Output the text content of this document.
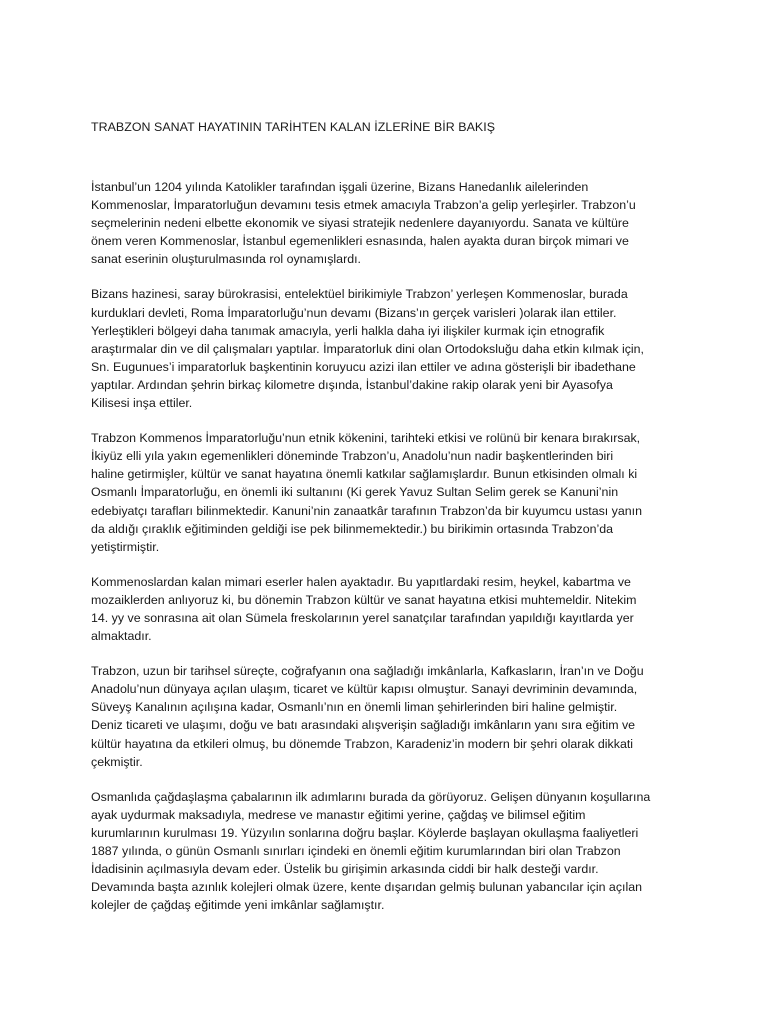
TRABZON SANAT HAYATININ TARİHTEN KALAN İZLERİNE BİR BAKIŞ

İstanbul’un 1204 yılında Katolikler tarafından işgali üzerine, Bizans Hanedanlık ailelerinden
Kommenoslar, İmparatorluğun devamını tesis etmek amacıyla Trabzon’a gelip yerleşirler. Trabzon’u
seçmelerinin nedeni elbette ekonomik ve siyasi stratejik nedenlere dayanıyordu. Sanata ve kültüre
önem veren Kommenoslar, İstanbul egemenlikleri esnasında, halen ayakta duran birçok mimari ve
sanat eserinin oluşturulmasında rol oynamışlardı.

Bizans hazinesi, saray bürokrasisi, entelektüel birikimiyle Trabzon’ yerleşen Kommenoslar, burada
kurduklari devleti, Roma İmparatorluğu’nun devamı (Bizans’ın gerçek varisleri )olarak ilan ettiler.
Yerleştikleri bölgeyi daha tanımak amacıyla, yerli halkla daha iyi ilişkiler kurmak için etnografik
araştırmalar din ve dil çalışmaları yaptılar. İmparatorluk dini olan Ortodoksluğu daha etkin kılmak için,
Sn. Eugunues’i imparatorluk başkentinin koruyucu azizi ilan ettiler ve adına gösterişli bir ibadethane
yaptılar. Ardından şehrin birkaç kilometre dışında, İstanbul’dakine rakip olarak yeni bir Ayasofya
Kilisesi inşa ettiler.

Trabzon Kommenos İmparatorluğu’nun etnik kökenini, tarihteki etkisi ve rolünü bir kenara bırakırsak,
İkiyüz elli yıla yakın egemenlikleri döneminde Trabzon’u, Anadolu’nun nadir başkentlerinden biri
haline getirmişler, kültür ve sanat hayatına önemli katkılar sağlamışlardır. Bunun etkisinden olmalı ki
Osmanlı İmparatorluğu, en önemli iki sultanını (Ki gerek Yavuz Sultan Selim gerek se Kanuni’nin
edebiyatçı tarafları bilinmektedir. Kanuni’nin zanaatkâr tarafının Trabzon’da bir kuyumcu ustası yanın
da aldığı çıraklık eğitiminden geldiği ise pek bilinmemektedir.) bu birikimin ortasında Trabzon’da
yetiştirmiştir.

Kommenoslardan kalan mimari eserler halen ayaktadır. Bu yapıtlardaki resim, heykel, kabartma ve
mozaiklerden anlıyoruz ki, bu dönemin Trabzon kültür ve sanat hayatına etkisi muhtemeldir. Nitekim
14. yy ve sonrasına ait olan Sümela freskolarının yerel sanatçılar tarafından yapıldığı kayıtlarda yer
almaktadır.

Trabzon, uzun bir tarihsel süreçte, coğrafyanın ona sağladığı imkânlarla, Kafkasların, İran’ın ve Doğu
Anadolu’nun dünyaya açılan ulaşım, ticaret ve kültür kapısı olmuştur. Sanayi devriminin devamında,
Süveyş Kanalının açılışına kadar, Osmanlı’nın en önemli liman şehirlerinden biri haline gelmiştir.
Deniz ticareti ve ulaşımı, doğu ve batı arasındaki alışverişin sağladığı imkânların yanı sıra eğitim ve
kültür hayatına da etkileri olmuş, bu dönemde Trabzon, Karadeniz’in modern bir şehri olarak dikkati
çekmiştir.

Osmanlıda çağdaşlaşma çabalarının ilk adımlarını burada da görüyoruz. Gelişen dünyanın koşullarına
ayak uydurmak maksadıyla, medrese ve manastır eğitimi yerine, çağdaş ve bilimsel eğitim
kurumlarının kurulması 19. Yüzyılın sonlarına doğru başlar. Köylerde başlayan okullaşma faaliyetleri
1887 yılında, o günün Osmanlı sınırları içindeki en önemli eğitim kurumlarından biri olan Trabzon
İdadisinin açılmasıyla devam eder. Üstelik bu girişimin arkasında ciddi bir halk desteği vardır.
Devamında başta azınlık kolejleri olmak üzere, kente dışarıdan gelmiş bulunan yabancılar için açılan
kolejler de çağdaş eğitimde yeni imkânlar sağlamıştır.
